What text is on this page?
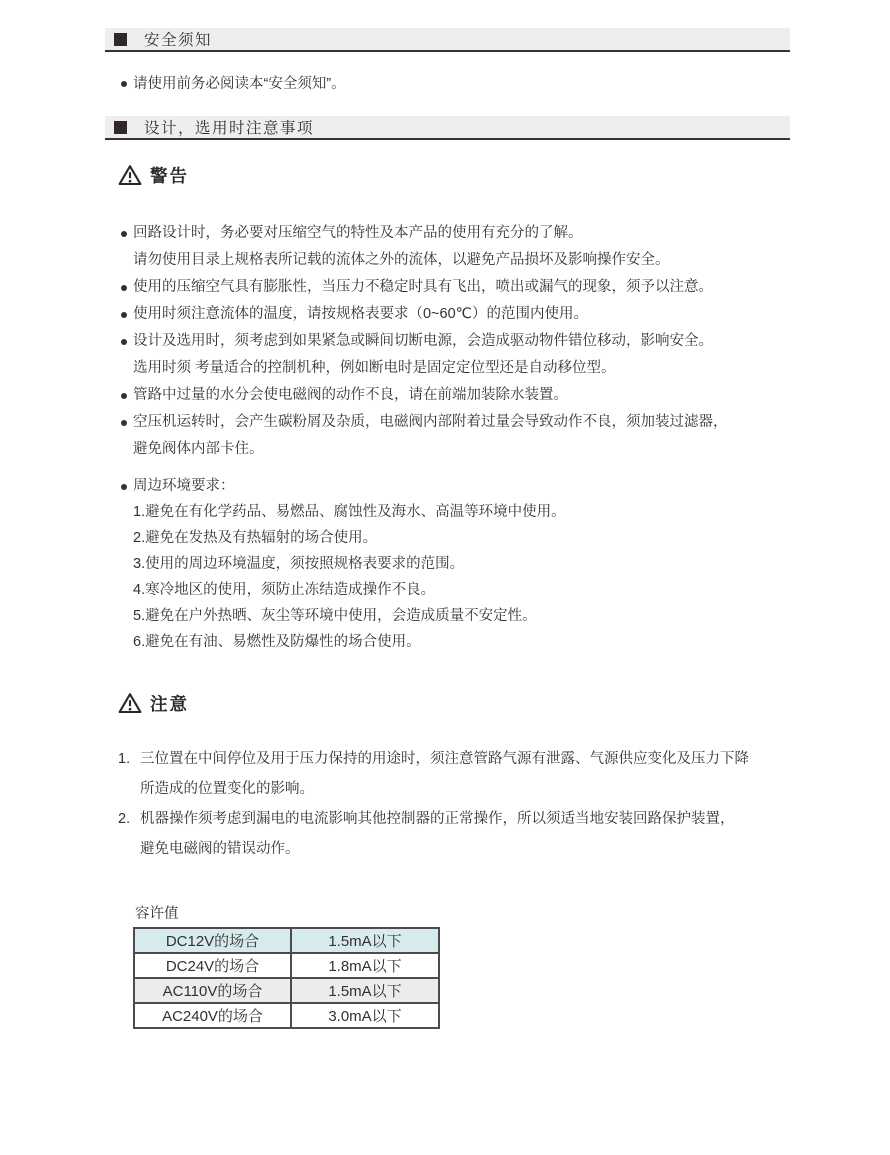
安全须知
请使用前务必阅读本“安全须知”。
设计，选用时注意事项
警告
回路设计时，务必要对压缩空气的特性及本产品的使用有充分的了解。
请勿使用目录上规格表所记载的流体之外的流体，以避免产品损坏及影响操作安全。
使用的压缩空气具有膨胀性，当压力不稳定时具有飞出，喷出或漏气的现象，须予以注意。
使用时须注意流体的温度，请按规格表要求（0~60℃）的范围内使用。
设计及选用时，须考虑到如果紧急或瞬间切断电源，会造成驱动物件错位移动，影响安全。
选用时须 考量适合的控制机种，例如断电时是固定定位型还是自动移位型。
管路中过量的水分会使电磁阀的动作不良，请在前端加装除水装置。
空压机运转时，会产生碳粉屑及杂质，电磁阀内部附着过量会导致动作不良，须加装过滤器，
避免阀体内部卡住。
周边环境要求：
1.避免在有化学药品、易燃品、腐蚀性及海水、高温等环境中使用。
2.避免在发热及有热辐射的场合使用。
3.使用的周边环境温度，须按照规格表要求的范围。
4.寒冷地区的使用，须防止冻结造成操作不良。
5.避免在户外热晒、灰尘等环境中使用，会造成质量不安定性。
6.避免在有油、易燃性及防爆性的场合使用。
注意
1. 三位置在中间停位及用于压力保持的用途时，须注意管路气源有泄露、气源供应变化及压力下降
所造成的位置变化的影响。
2. 机器操作须考虑到漏电的电流影响其他控制器的正常操作，所以须适当地安装回路保护装置，
避免电磁阀的错误动作。
容许值
DC12V的场合	1.5mA以下
DC24V的场合	1.8mA以下
AC110V的场合	1.5mA以下
AC240V的场合	3.0mA以下
